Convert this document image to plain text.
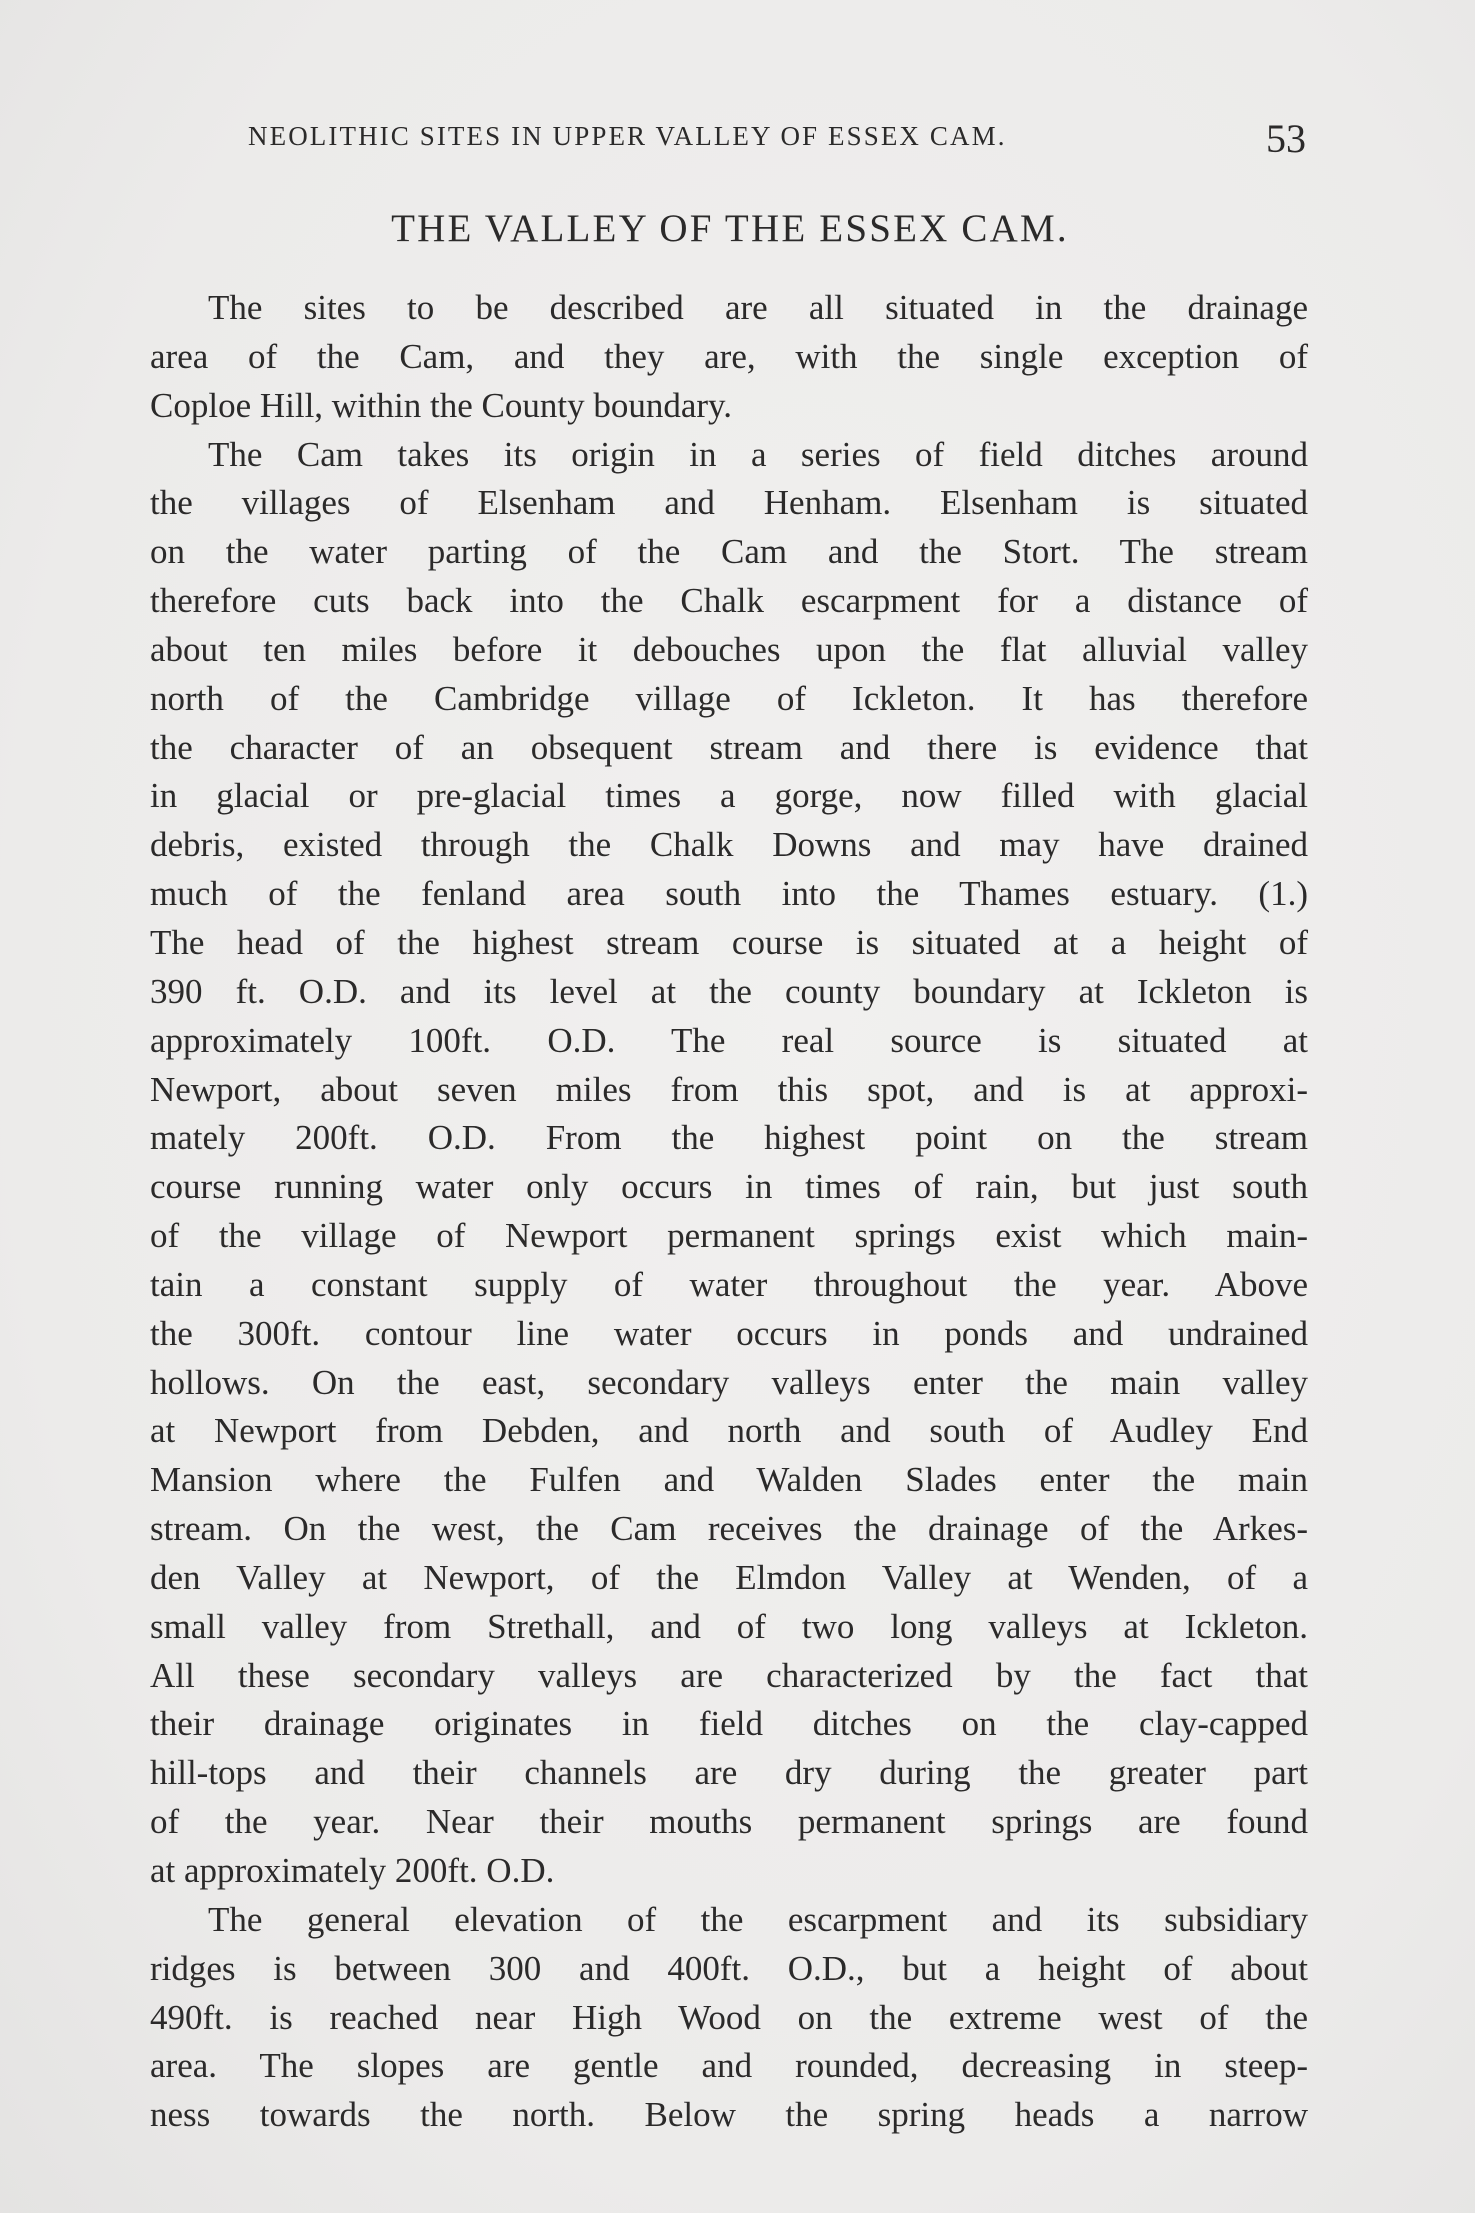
NEOLITHIC SITES IN UPPER VALLEY OF ESSEX CAM.	53
THE VALLEY OF THE ESSEX CAM.
The sites to be described are all situated in the drainage
area of the Cam, and they are, with the single exception of
Coploe Hill, within the County boundary.
The Cam takes its origin in a series of field ditches around
the villages of Elsenham and Henham. Elsenham is situated
on the water parting of the Cam and the Stort. The stream
therefore cuts back into the Chalk escarpment for a distance of
about ten miles before it debouches upon the flat alluvial valley
north of the Cambridge village of Ickleton. It has therefore
the character of an obsequent stream and there is evidence that
in glacial or pre-glacial times a gorge, now filled with glacial
debris, existed through the Chalk Downs and may have drained
much of the fenland area south into the Thames estuary. (1.)
The head of the highest stream course is situated at a height of
390 ft. O.D. and its level at the county boundary at Ickleton is
approximately 100ft. O.D. The real source is situated at
Newport, about seven miles from this spot, and is at approxi-
mately 200ft. O.D. From the highest point on the stream
course running water only occurs in times of rain, but just south
of the village of Newport permanent springs exist which main-
tain a constant supply of water throughout the year. Above
the 300ft. contour line water occurs in ponds and undrained
hollows. On the east, secondary valleys enter the main valley
at Newport from Debden, and north and south of Audley End
Mansion where the Fulfen and Walden Slades enter the main
stream. On the west, the Cam receives the drainage of the Arkes-
den Valley at Newport, of the Elmdon Valley at Wenden, of a
small valley from Strethall, and of two long valleys at Ickleton.
All these secondary valleys are characterized by the fact that
their drainage originates in field ditches on the clay-capped
hill-tops and their channels are dry during the greater part
of the year. Near their mouths permanent springs are found
at approximately 200ft. O.D.
The general elevation of the escarpment and its subsidiary
ridges is between 300 and 400ft. O.D., but a height of about
490ft. is reached near High Wood on the extreme west of the
area. The slopes are gentle and rounded, decreasing in steep-
ness towards the north. Below the spring heads a narrow
